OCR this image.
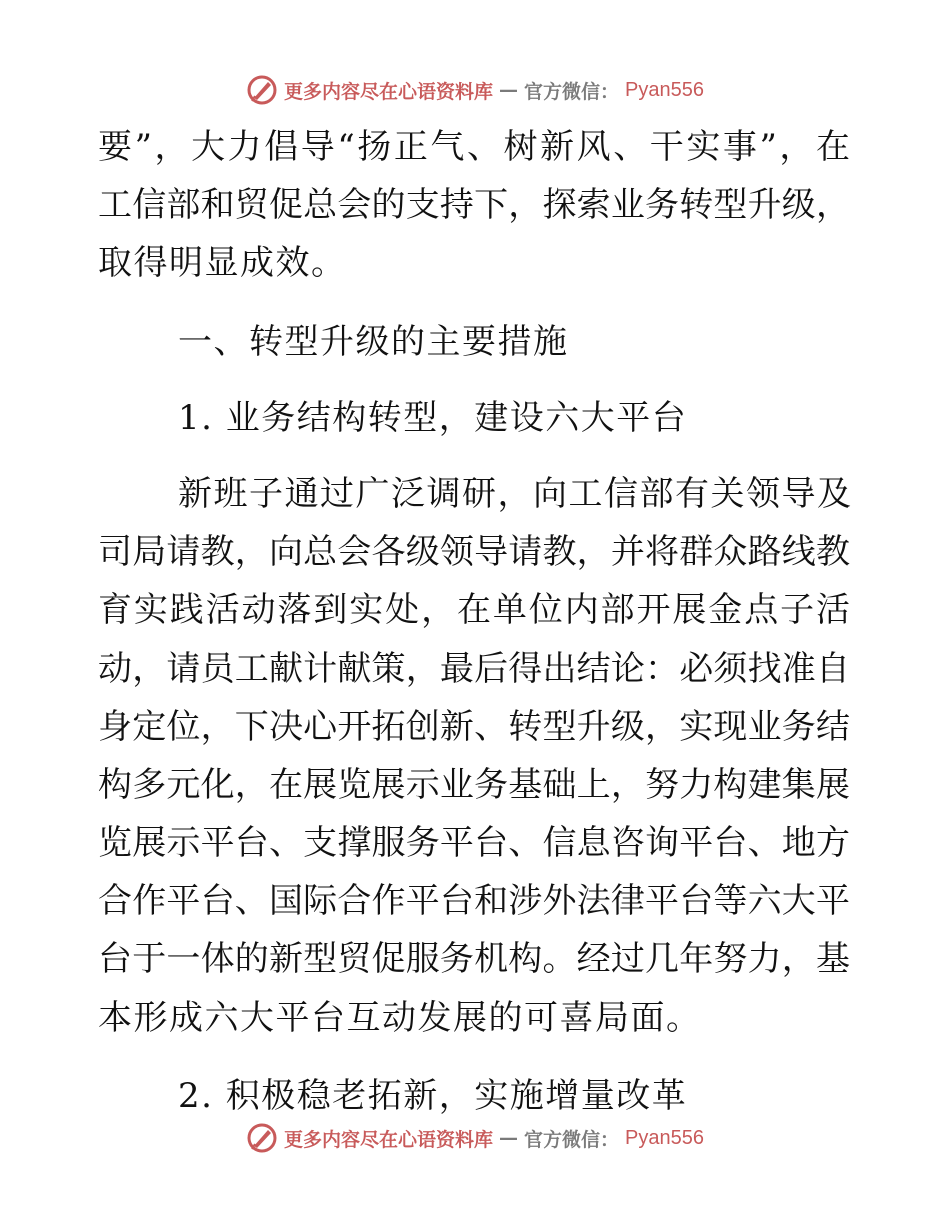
更多内容尽在心语资料库 — 官方微信： Pyan556
要”，大力倡导“扬正气、树新风、干实事”，在
工信部和贸促总会的支持下，探索业务转型升级，
取得明显成效。
一、转型升级的主要措施
1. 业务结构转型，建设六大平台
新班子通过广泛调研，向工信部有关领导及
司局请教，向总会各级领导请教，并将群众路线教
育实践活动落到实处，在单位内部开展金点子活
动，请员工献计献策，最后得出结论：必须找准自
身定位，下决心开拓创新、转型升级，实现业务结
构多元化，在展览展示业务基础上，努力构建集展
览展示平台、支撑服务平台、信息咨询平台、地方
合作平台、国际合作平台和涉外法律平台等六大平
台于一体的新型贸促服务机构。经过几年努力，基
本形成六大平台互动发展的可喜局面。
2. 积极稳老拓新，实施增量改革
更多内容尽在心语资料库 — 官方微信： Pyan556
